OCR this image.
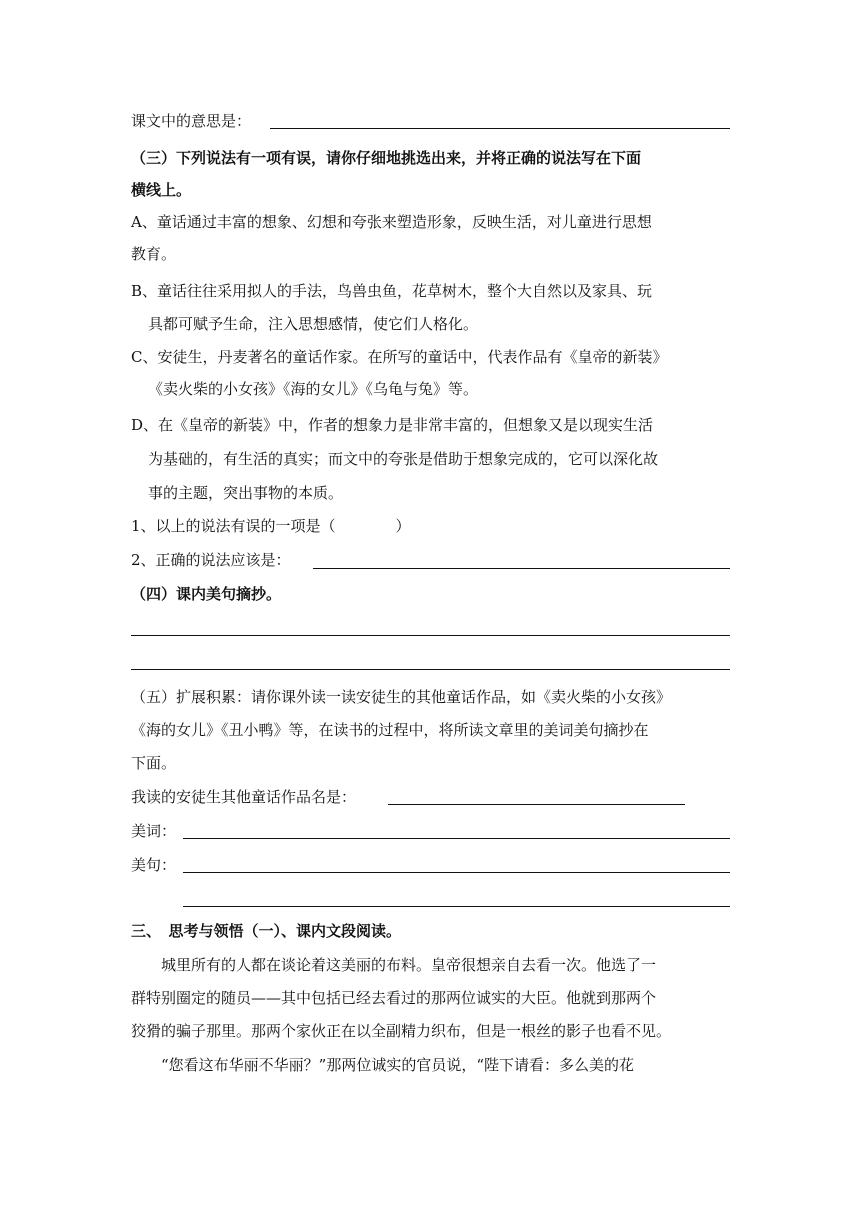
课文中的意思是：
（三）下列说法有一项有误，请你仔细地挑选出来，并将正确的说法写在下面
横线上。
A、童话通过丰富的想象、幻想和夸张来塑造形象，反映生活，对儿童进行思想
教育。
B、童话往往采用拟人的手法，鸟兽虫鱼，花草树木，整个大自然以及家具、玩
具都可赋予生命，注入思想感情，使它们人格化。
C、安徒生，丹麦著名的童话作家。在所写的童话中，代表作品有《皇帝的新装》
《卖火柴的小女孩》《海的女儿》《乌龟与兔》等。
D、在《皇帝的新装》中，作者的想象力是非常丰富的，但想象又是以现实生活
为基础的，有生活的真实；而文中的夸张是借助于想象完成的，它可以深化故
事的主题，突出事物的本质。
1、以上的说法有误的一项是（　　　　）
2、正确的说法应该是：
（四）课内美句摘抄。
（五）扩展积累：请你课外读一读安徒生的其他童话作品，如《卖火柴的小女孩》
《海的女儿》《丑小鸭》等，在读书的过程中，将所读文章里的美词美句摘抄在
下面。
我读的安徒生其他童话作品名是：
美词：
美句：
三、　思考与领悟（一）、课内文段阅读。
　　城里所有的人都在谈论着这美丽的布料。皇帝很想亲自去看一次。他选了一
群特别圈定的随员——其中包括已经去看过的那两位诚实的大臣。他就到那两个
狡猾的骗子那里。那两个家伙正在以全副精力织布，但是一根丝的影子也看不见。
　　“您看这布华丽不华丽？”那两位诚实的官员说，“陛下请看：多么美的花
